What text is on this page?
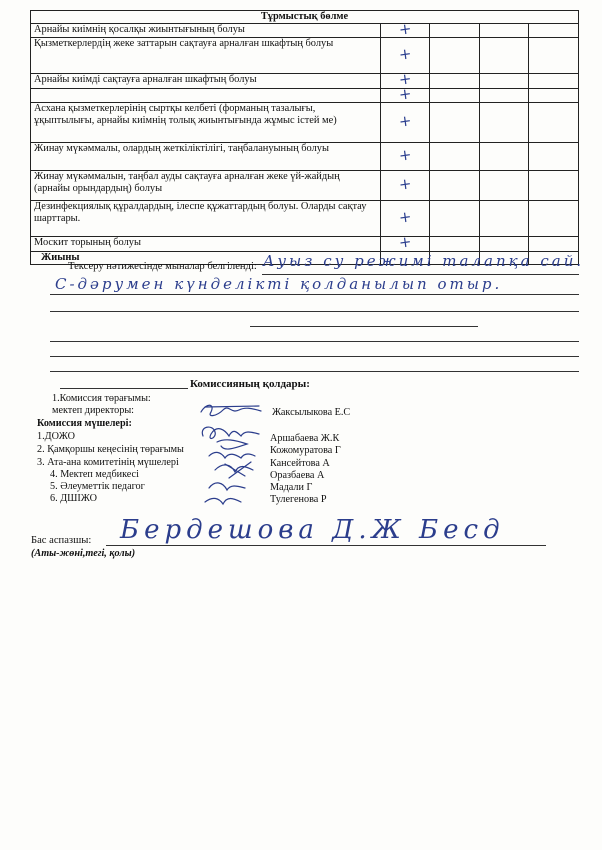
Тұрмыстық бөлме				
Арнайы киімнің қосалқы жиынтығының болуы	+			
Қызметкерлердің жеке заттарын сақтауға арналған шкафтың болуы	+			
Арнайы киімді сақтауға арналған шкафтың болуы	+			
	+			
Асхана қызметкерлерінің сыртқы келбеті (форманың тазалығы, ұқыптылығы, арнайы киімнің толық жиынтығында жұмыс істей ме)	+			
Жинау мүкәммалы, олардың жеткіліктілігі, таңбалануының болуы	+			
Жинау мүкәммалын, таңбал ауды сақтауға арналған жеке үй-жайдың (арнайы орындардың) болуы	+			
Дезинфекциялық құралдардың, ілеспе құжаттардың болуы. Оларды сақтау шарттары.	+			
Москит торының болуы	+			
Жиыны				
Тексеру нәтижесінде мыналар белгіленді: Ауыз су режимі талапқа сай.
С-дәрумен күнделікті қолданылып отыр.
Комиссияның қолдары:
1.Комиссия төрағымы:
мектеп директоры:	Жаксылыкова Е.С
Комиссия мүшелері:
1.ДОЖО
2. Қамқоршы кеңесінің төрағымы
3. Ата-ана комитетінің мүшелері
4. Мектеп медбикесі
5. Әлеуметтік педагог
6. ДШІЖО
Аршабаева Ж.К
Кожомуратова Г
Кансейтова А
Оразбаева А
Мадали Г
Тулегенова Р
Бердешова Д.Ж Бесд
Бас аспазшы:
(Аты-жөні,тегі, қолы)
